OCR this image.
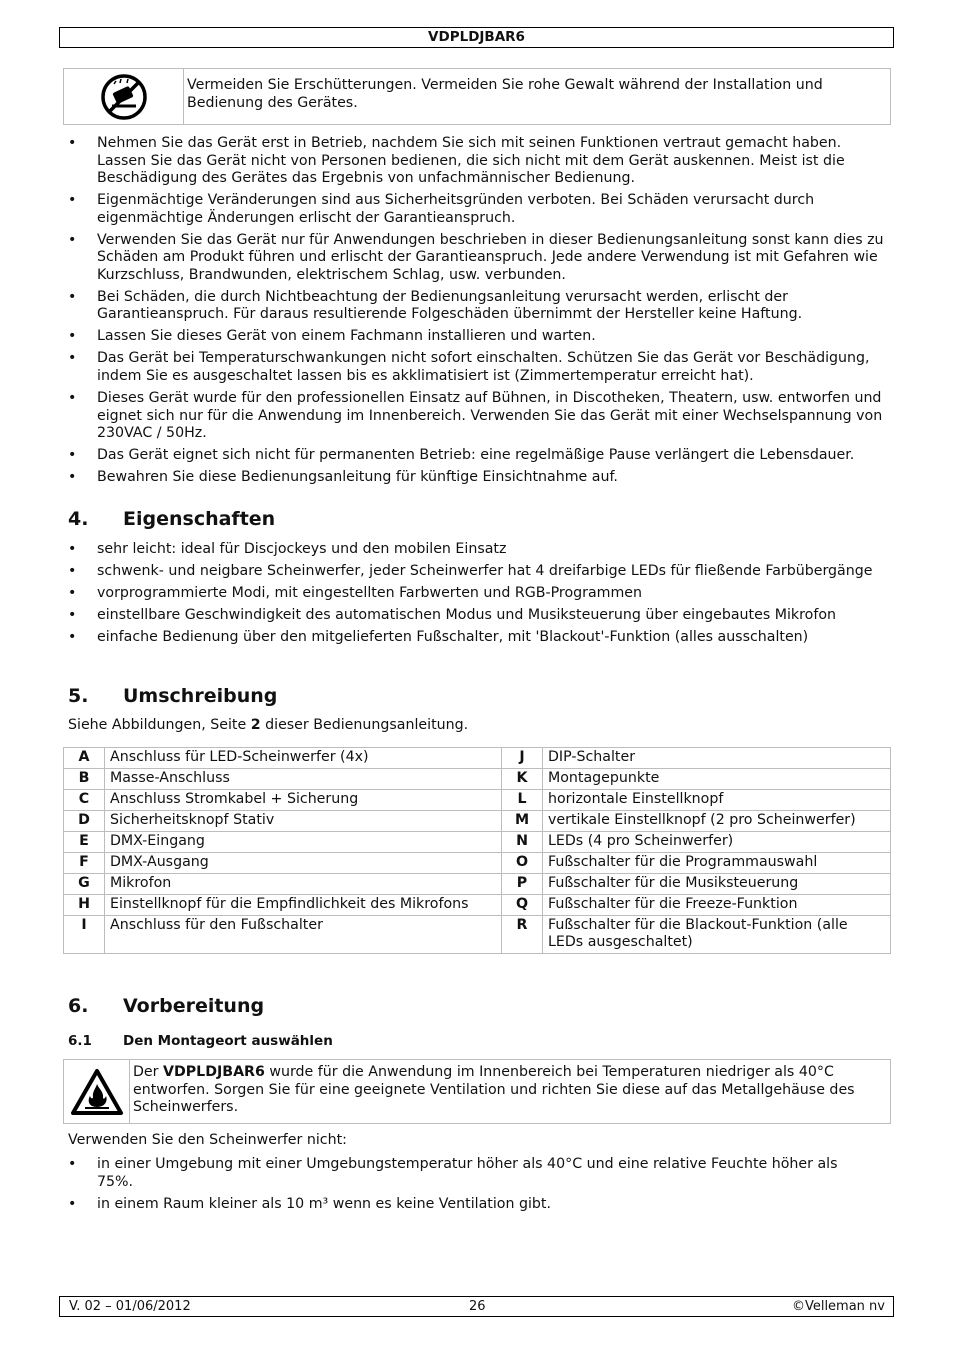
VDPLDJBAR6
Vermeiden Sie Erschütterungen. Vermeiden Sie rohe Gewalt während der Installation und Bedienung des Gerätes.
• Nehmen Sie das Gerät erst in Betrieb, nachdem Sie sich mit seinen Funktionen vertraut gemacht haben. Lassen Sie das Gerät nicht von Personen bedienen, die sich nicht mit dem Gerät auskennen. Meist ist die Beschädigung des Gerätes das Ergebnis von unfachmännischer Bedienung.
• Eigenmächtige Veränderungen sind aus Sicherheitsgründen verboten. Bei Schäden verursacht durch eigenmächtige Änderungen erlischt der Garantieanspruch.
• Verwenden Sie das Gerät nur für Anwendungen beschrieben in dieser Bedienungsanleitung sonst kann dies zu Schäden am Produkt führen und erlischt der Garantieanspruch. Jede andere Verwendung ist mit Gefahren wie Kurzschluss, Brandwunden, elektrischem Schlag, usw. verbunden.
• Bei Schäden, die durch Nichtbeachtung der Bedienungsanleitung verursacht werden, erlischt der Garantieanspruch. Für daraus resultierende Folgeschäden übernimmt der Hersteller keine Haftung.
• Lassen Sie dieses Gerät von einem Fachmann installieren und warten.
• Das Gerät bei Temperaturschwankungen nicht sofort einschalten. Schützen Sie das Gerät vor Beschädigung, indem Sie es ausgeschaltet lassen bis es akklimatisiert ist (Zimmertemperatur erreicht hat).
• Dieses Gerät wurde für den professionellen Einsatz auf Bühnen, in Discotheken, Theatern, usw. entworfen und eignet sich nur für die Anwendung im Innenbereich. Verwenden Sie das Gerät mit einer Wechselspannung von 230VAC / 50Hz.
• Das Gerät eignet sich nicht für permanenten Betrieb: eine regelmäßige Pause verlängert die Lebensdauer.
• Bewahren Sie diese Bedienungsanleitung für künftige Einsichtnahme auf.
4. Eigenschaften
• sehr leicht: ideal für Discjockeys und den mobilen Einsatz
• schwenk- und neigbare Scheinwerfer, jeder Scheinwerfer hat 4 dreifarbige LEDs für fließende Farbübergänge
• vorprogrammierte Modi, mit eingestellten Farbwerten und RGB-Programmen
• einstellbare Geschwindigkeit des automatischen Modus und Musiksteuerung über eingebautes Mikrofon
• einfache Bedienung über den mitgelieferten Fußschalter, mit 'Blackout'-Funktion (alles ausschalten)
5. Umschreibung
Siehe Abbildungen, Seite 2 dieser Bedienungsanleitung.
A	Anschluss für LED-Scheinwerfer (4x)	J	DIP-Schalter
B	Masse-Anschluss	K	Montagepunkte
C	Anschluss Stromkabel + Sicherung	L	horizontale Einstellknopf
D	Sicherheitsknopf Stativ	M	vertikale Einstellknopf (2 pro Scheinwerfer)
E	DMX-Eingang	N	LEDs (4 pro Scheinwerfer)
F	DMX-Ausgang	O	Fußschalter für die Programmauswahl
G	Mikrofon	P	Fußschalter für die Musiksteuerung
H	Einstellknopf für die Empfindlichkeit des Mikrofons	Q	Fußschalter für die Freeze-Funktion
I	Anschluss für den Fußschalter	R	Fußschalter für die Blackout-Funktion (alle LEDs ausgeschaltet)
6. Vorbereitung
6.1 Den Montageort auswählen
Der VDPLDJBAR6 wurde für die Anwendung im Innenbereich bei Temperaturen niedriger als 40°C entworfen. Sorgen Sie für eine geeignete Ventilation und richten Sie diese auf das Metallgehäuse des Scheinwerfers.
Verwenden Sie den Scheinwerfer nicht:
• in einer Umgebung mit einer Umgebungstemperatur höher als 40°C und eine relative Feuchte höher als 75%.
• in einem Raum kleiner als 10 m³ wenn es keine Ventilation gibt.
V. 02 – 01/06/2012	26	©Velleman nv
